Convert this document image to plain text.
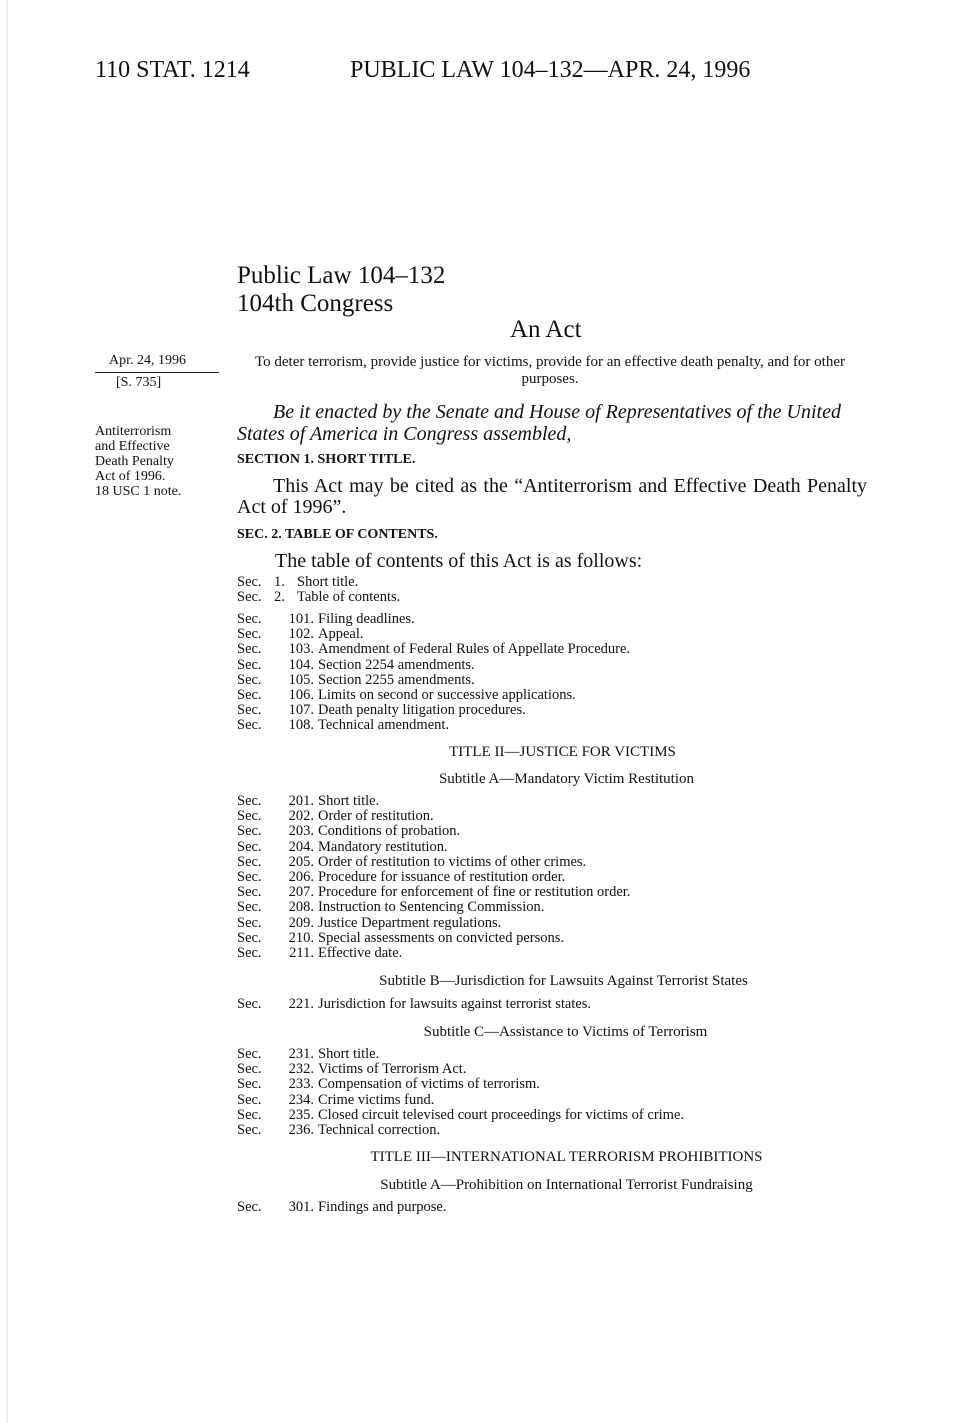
110 STAT. 1214	PUBLIC LAW 104–132—APR. 24, 1996
Public Law 104–132
104th Congress
An Act
Apr. 24, 1996
[S. 735]
Antiterrorism
and Effective
Death Penalty
Act of 1996.
18 USC 1 note.
To deter terrorism, provide justice for victims, provide for an effective death penalty, and for other purposes.
Be it enacted by the Senate and House of Representatives of the United States of America in Congress assembled,
SECTION 1. SHORT TITLE.
This Act may be cited as the “Antiterrorism and Effective Death Penalty Act of 1996”.
SEC. 2. TABLE OF CONTENTS.
The table of contents of this Act is as follows:
Sec. 1. Short title.
Sec. 2. Table of contents.
Sec. 101. Filing deadlines.
Sec. 102. Appeal.
Sec. 103. Amendment of Federal Rules of Appellate Procedure.
Sec. 104. Section 2254 amendments.
Sec. 105. Section 2255 amendments.
Sec. 106. Limits on second or successive applications.
Sec. 107. Death penalty litigation procedures.
Sec. 108. Technical amendment.
TITLE II—JUSTICE FOR VICTIMS
Subtitle A—Mandatory Victim Restitution
Sec. 201. Short title.
Sec. 202. Order of restitution.
Sec. 203. Conditions of probation.
Sec. 204. Mandatory restitution.
Sec. 205. Order of restitution to victims of other crimes.
Sec. 206. Procedure for issuance of restitution order.
Sec. 207. Procedure for enforcement of fine or restitution order.
Sec. 208. Instruction to Sentencing Commission.
Sec. 209. Justice Department regulations.
Sec. 210. Special assessments on convicted persons.
Sec. 211. Effective date.
Subtitle B—Jurisdiction for Lawsuits Against Terrorist States
Sec. 221. Jurisdiction for lawsuits against terrorist states.
Subtitle C—Assistance to Victims of Terrorism
Sec. 231. Short title.
Sec. 232. Victims of Terrorism Act.
Sec. 233. Compensation of victims of terrorism.
Sec. 234. Crime victims fund.
Sec. 235. Closed circuit televised court proceedings for victims of crime.
Sec. 236. Technical correction.
TITLE III—INTERNATIONAL TERRORISM PROHIBITIONS
Subtitle A—Prohibition on International Terrorist Fundraising
Sec. 301. Findings and purpose.
